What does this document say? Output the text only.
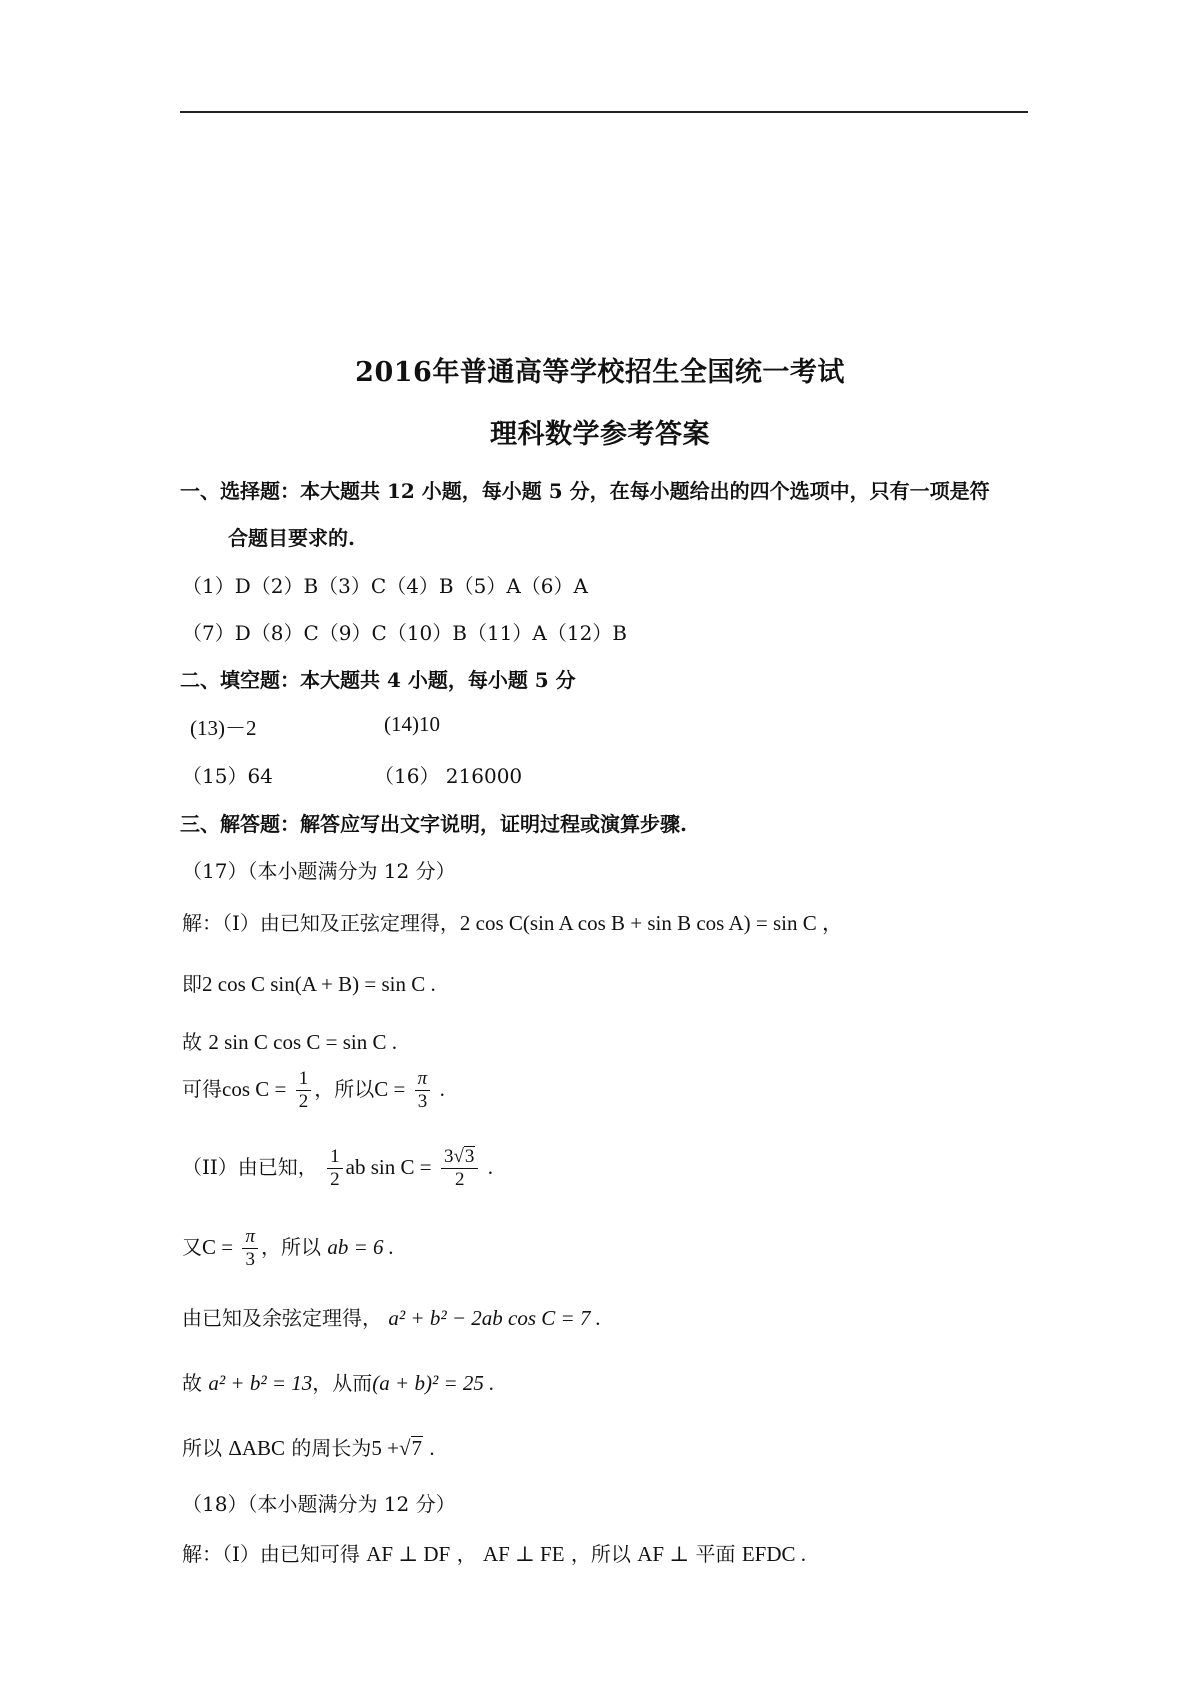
2016年普通高等学校招生全国统一考试
理科数学参考答案
一、选择题：本大题共 12 小题，每小题 5 分，在每小题给出的四个选项中，只有一项是符
合题目要求的.
（1）D（2）B（3）C（4）B（5）A（6）A
（7）D（8）C（9）C（10）B（11）A（12）B
二、填空题：本大题共 4 小题，每小题 5 分
(13)－2	(14)10
（15）64	（16） 216000
三、解答题：解答应写出文字说明，证明过程或演算步骤.
（17）（本小题满分为 12 分）
解：（I）由已知及正弦定理得，2 cos C(sin A cos B + sin B cos A) = sin C ，
即2 cos C sin(A + B) = sin C .
故 2 sin C cos C = sin C .
可得$\cos C = \frac{1}{2}$ ，所以$C = \frac{\pi}{3}$ .
（II）由已知， $\frac{1}{2}$ ab $\sin C = \frac{3√3}{2}$ .
又$C = \frac{\pi}{3}$ ，所以 ab = 6 .
由已知及余弦定理得， a² + b² − 2ab cos C = 7 .
故 a² + b² = 13，从而(a + b)² = 25 .
所以 ΔABC 的周长为5 +√7 .
（18）（本小题满分为 12 分）
解：（I）由已知可得 AF ⊥ DF ， AF ⊥ FE ，所以 AF ⊥ 平面 EFDC .
